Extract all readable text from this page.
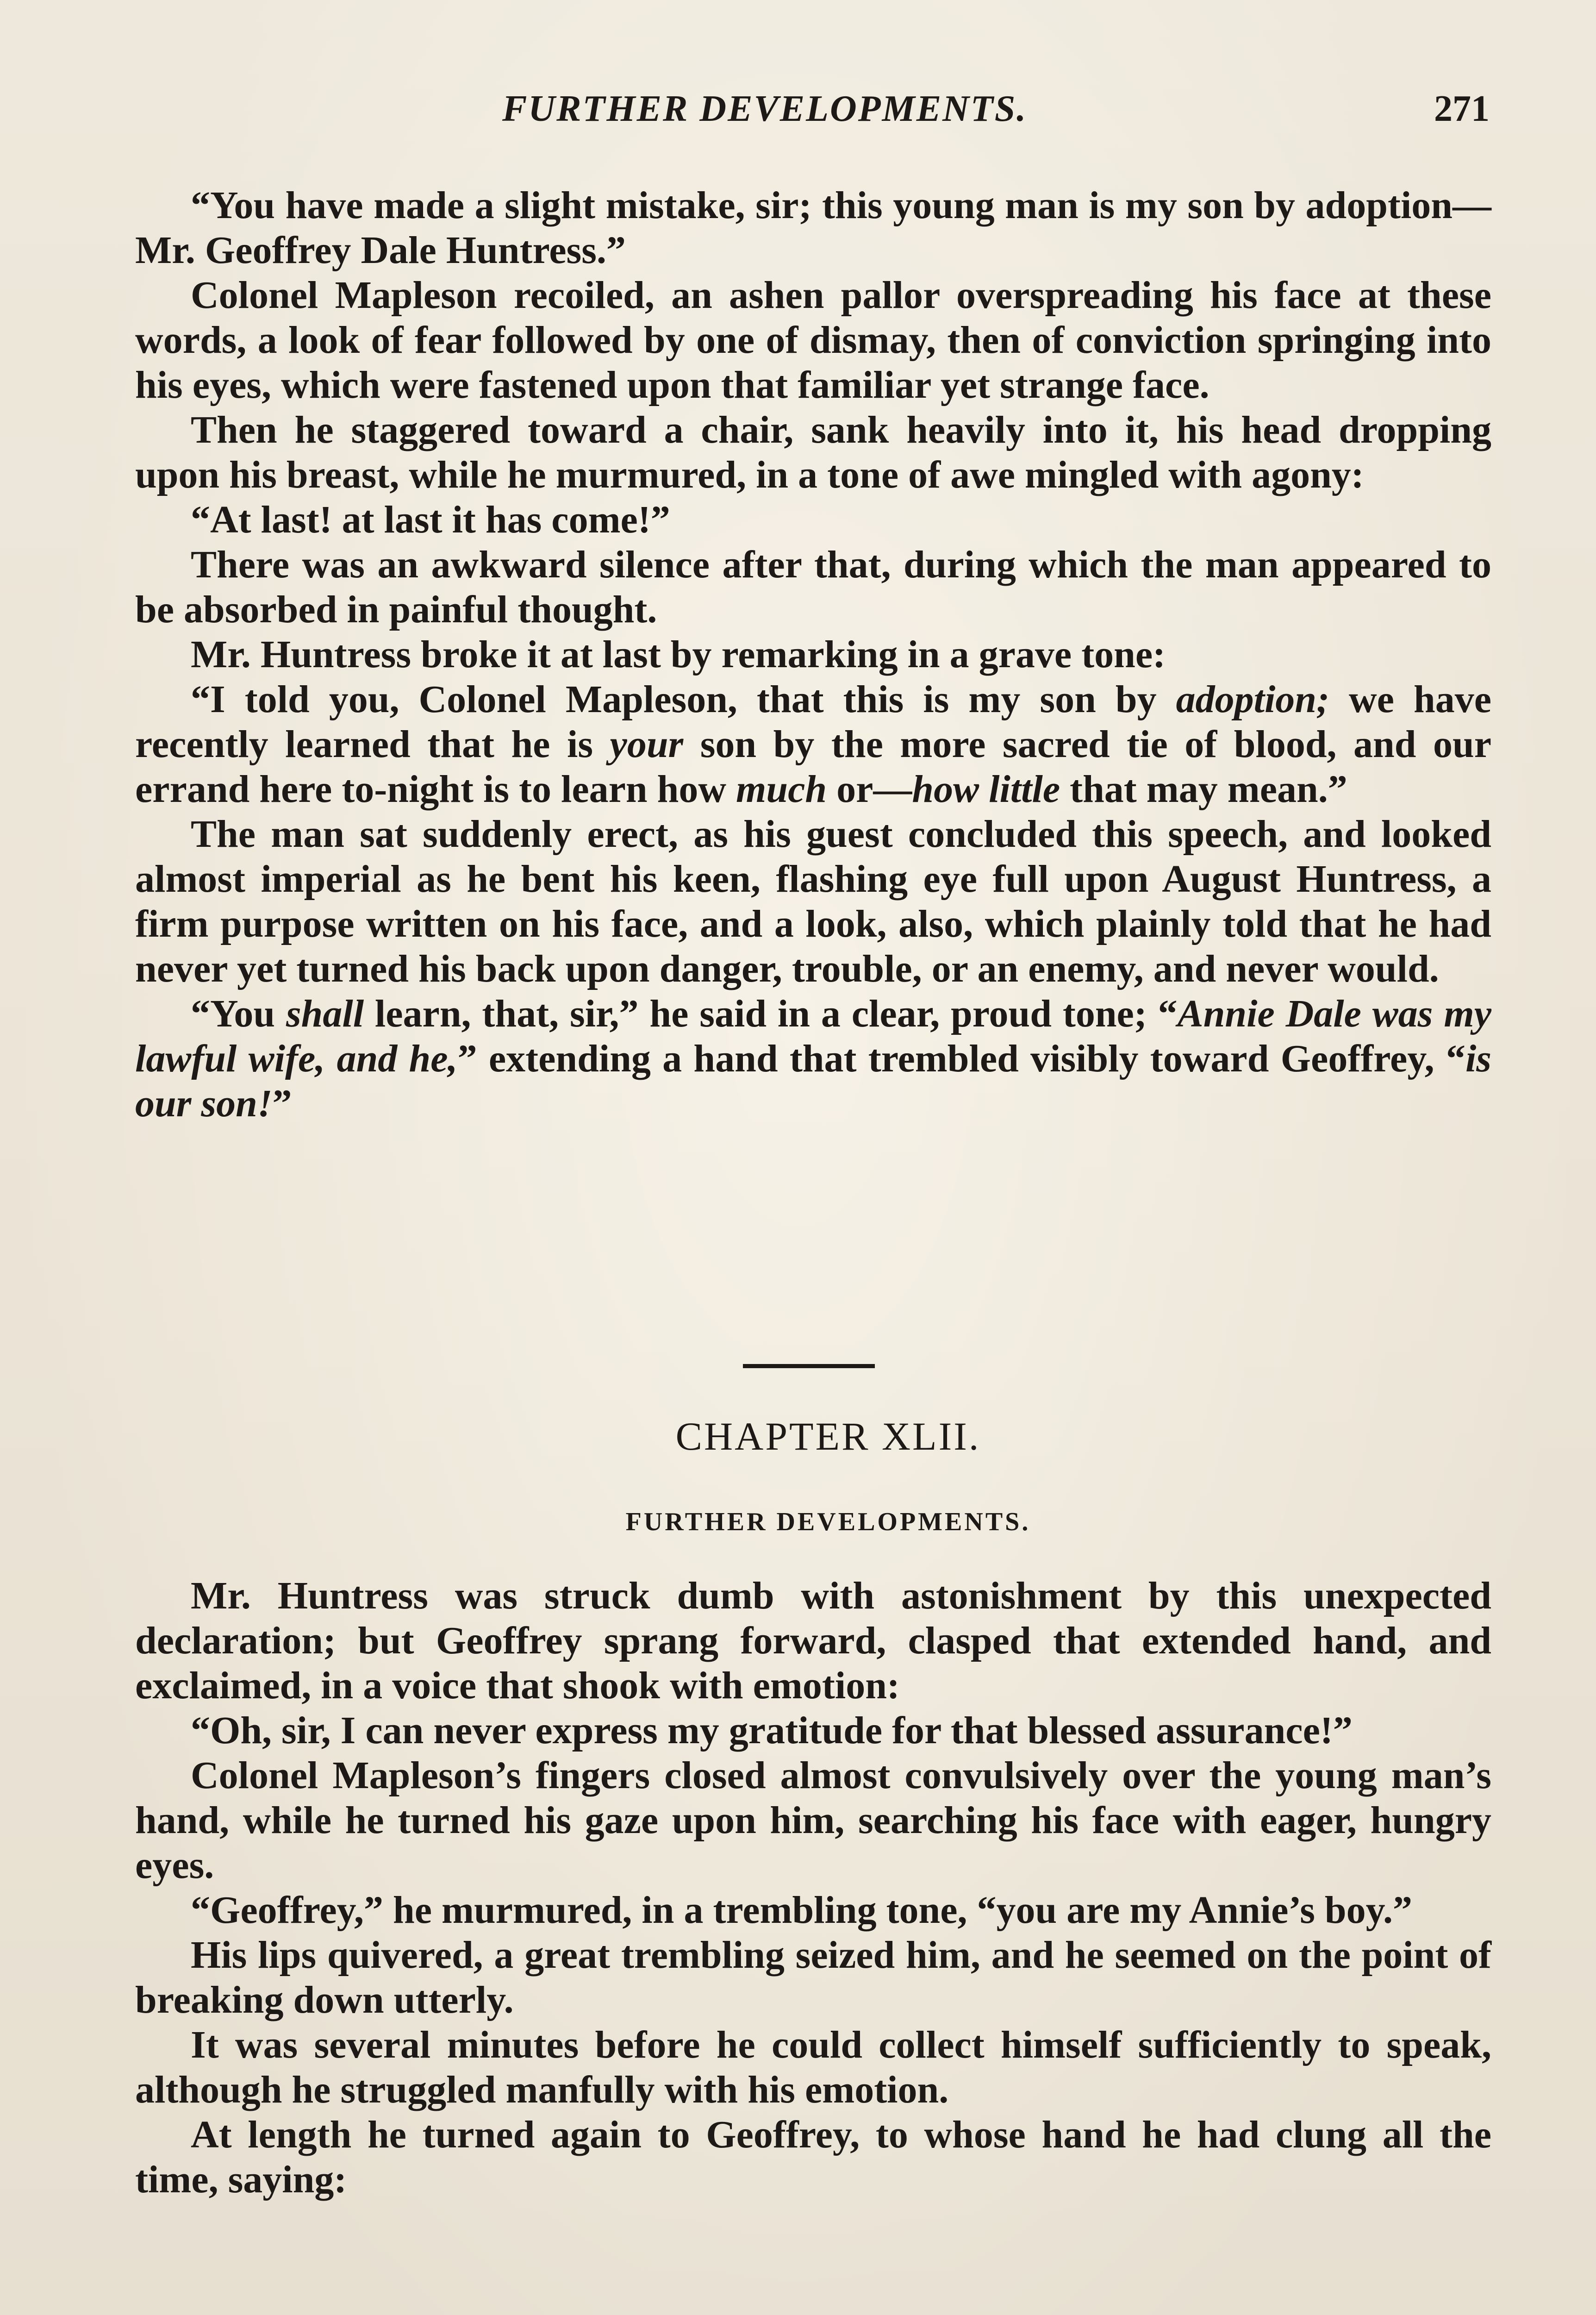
FURTHER DEVELOPMENTS.	271

“You have made a slight mistake, sir; this young man is my son by adoption—Mr. Geoffrey Dale Huntress.”

Colonel Mapleson recoiled, an ashen pallor overspreading his face at these words, a look of fear followed by one of dismay, then of conviction springing into his eyes, which were fastened upon that familiar yet strange face.

Then he staggered toward a chair, sank heavily into it, his head dropping upon his breast, while he murmured, in a tone of awe mingled with agony:

“At last! at last it has come!”

There was an awkward silence after that, during which the man appeared to be absorbed in painful thought.

Mr. Huntress broke it at last by remarking in a grave tone:

“I told you, Colonel Mapleson, that this is my son by adoption; we have recently learned that he is your son by the more sacred tie of blood, and our errand here to-night is to learn how much or—how little that may mean.”

The man sat suddenly erect, as his guest concluded this speech, and looked almost imperial as he bent his keen, flashing eye full upon August Huntress, a firm purpose written on his face, and a look, also, which plainly told that he had never yet turned his back upon danger, trouble, or an enemy, and never would.

“You shall learn, that, sir,” he said in a clear, proud tone; “Annie Dale was my lawful wife, and he,” extending a hand that trembled visibly toward Geoffrey, “is our son!”

CHAPTER XLII.
FURTHER DEVELOPMENTS.

Mr. Huntress was struck dumb with astonishment by this unexpected declaration; but Geoffrey sprang forward, clasped that extended hand, and exclaimed, in a voice that shook with emotion:

“Oh, sir, I can never express my gratitude for that blessed assurance!”

Colonel Mapleson’s fingers closed almost convulsively over the young man’s hand, while he turned his gaze upon him, searching his face with eager, hungry eyes.

“Geoffrey,” he murmured, in a trembling tone, “you are my Annie’s boy.”

His lips quivered, a great trembling seized him, and he seemed on the point of breaking down utterly.

It was several minutes before he could collect himself sufficiently to speak, although he struggled manfully with his emotion.

At length he turned again to Geoffrey, to whose hand he had clung all the time, saying:
